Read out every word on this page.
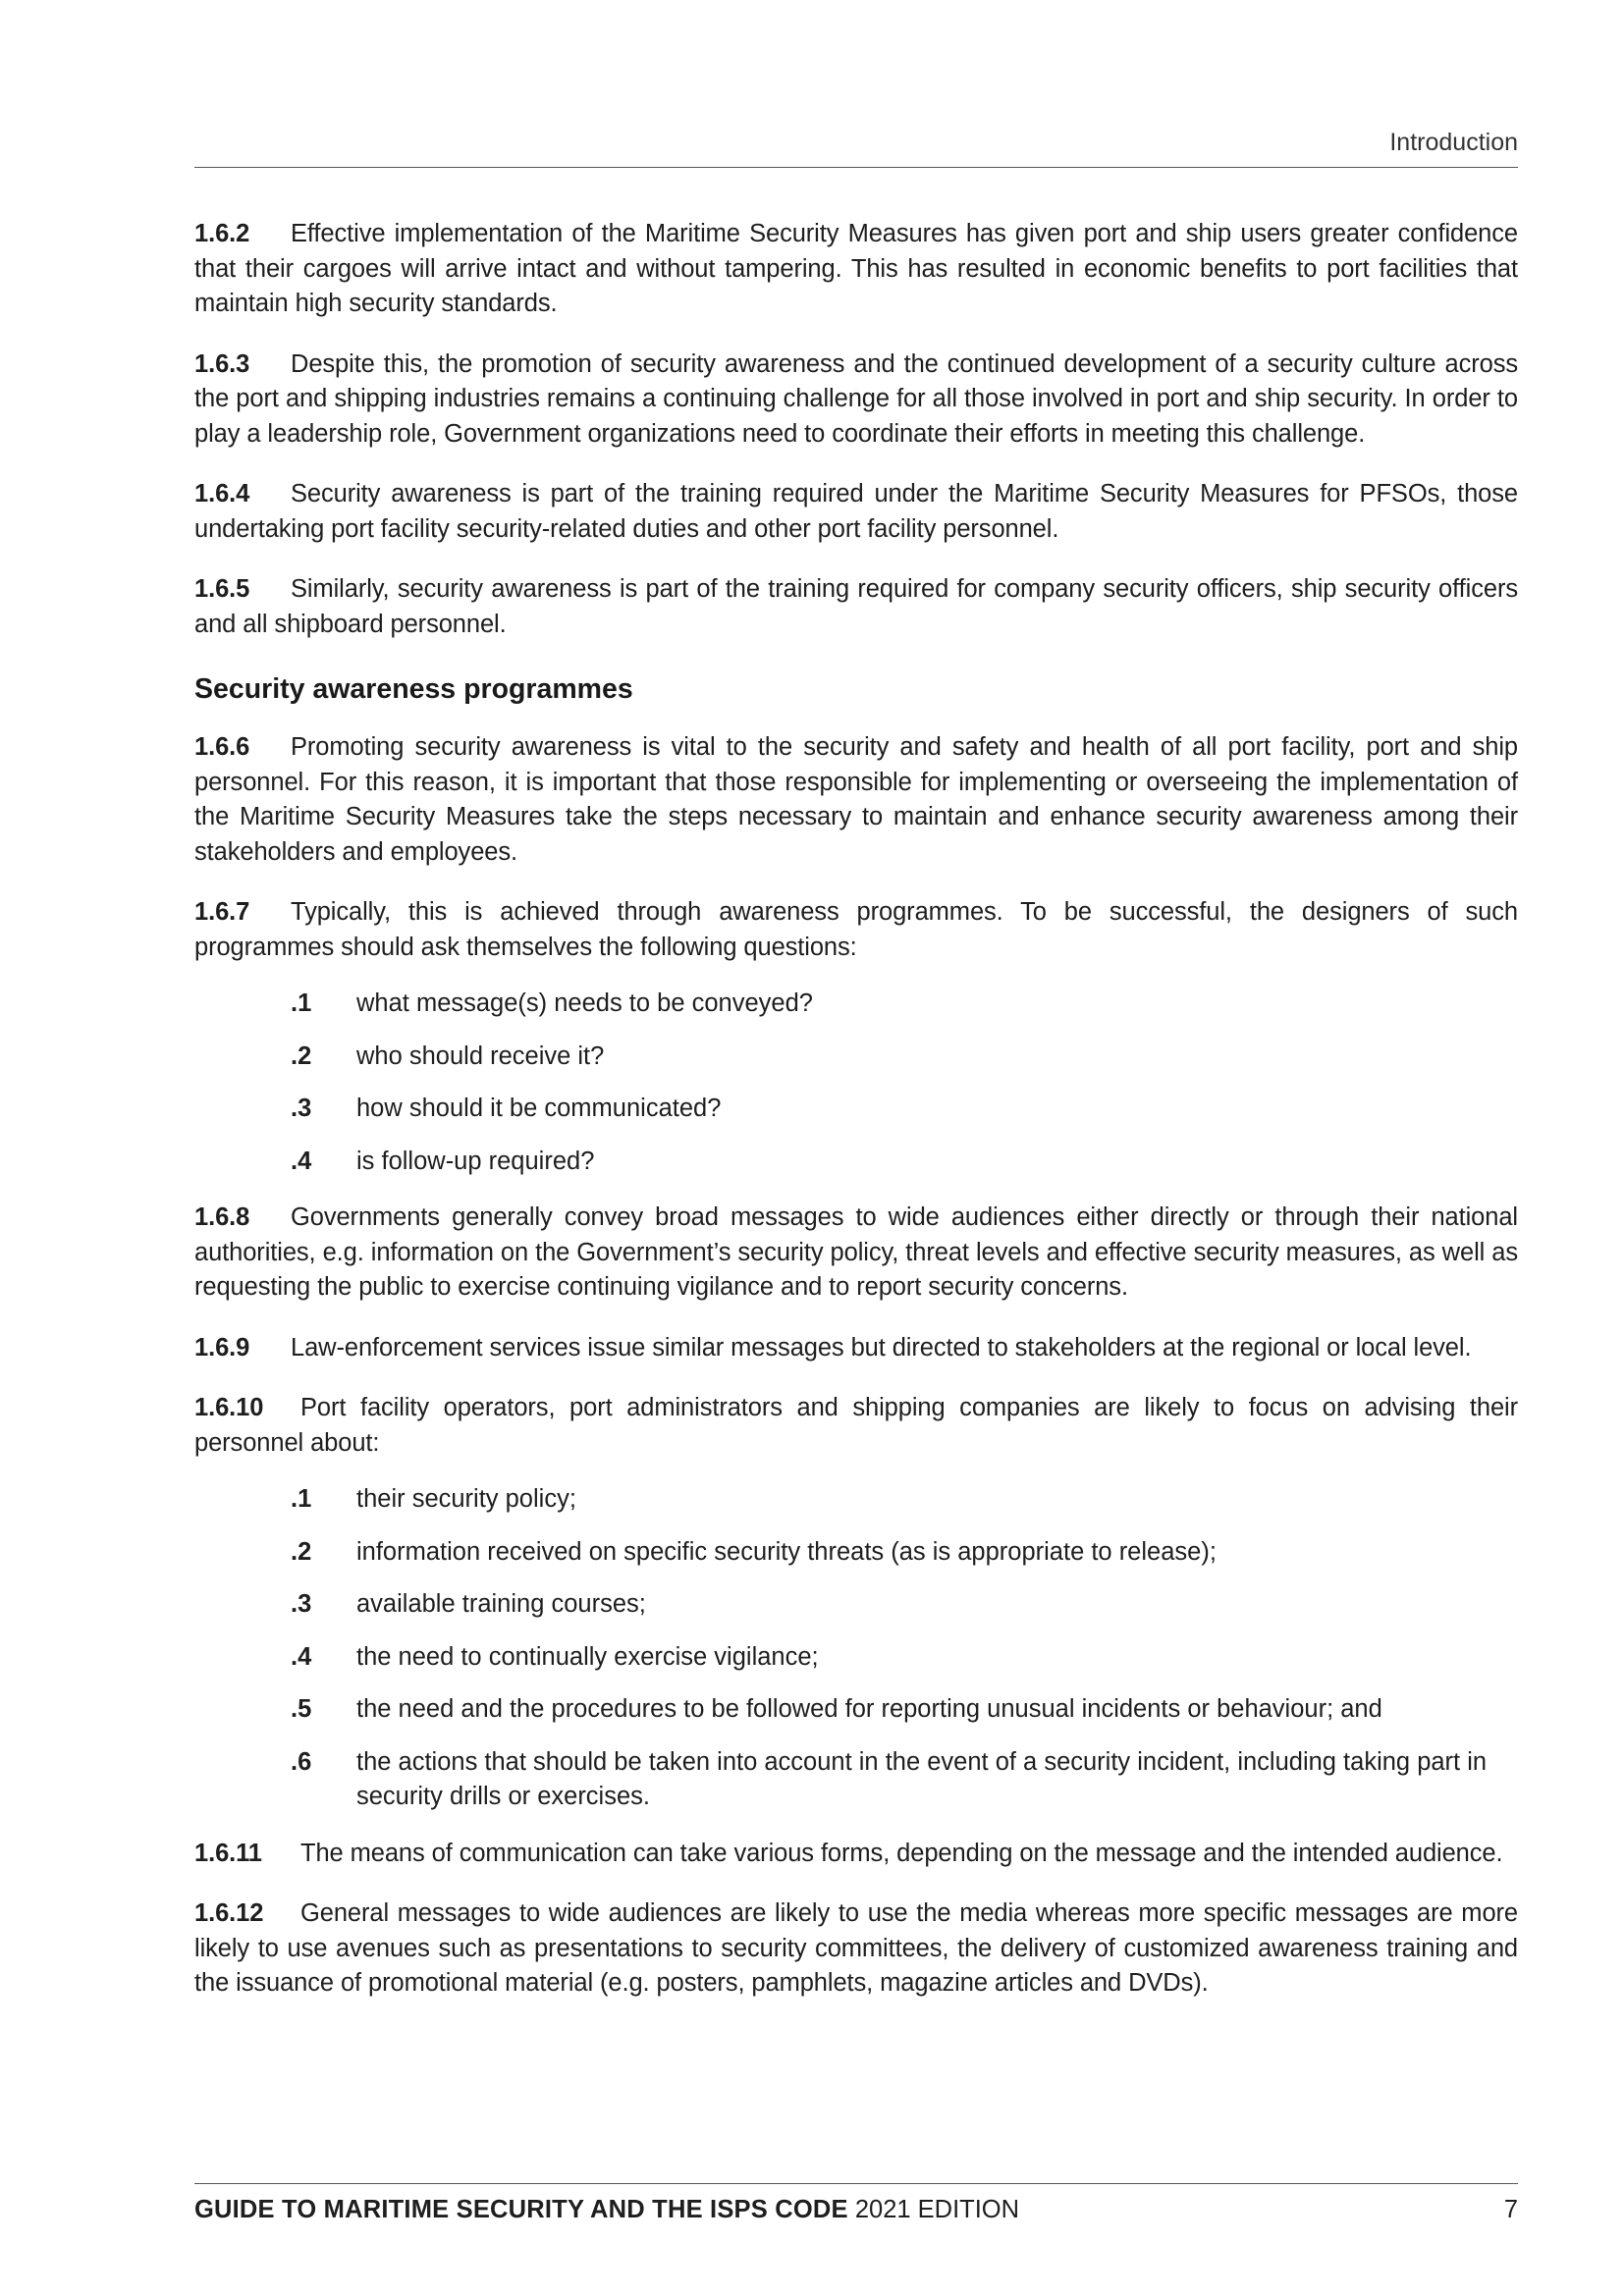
Introduction

1.6.2 Effective implementation of the Maritime Security Measures has given port and ship users greater confidence that their cargoes will arrive intact and without tampering. This has resulted in economic benefits to port facilities that maintain high security standards.

1.6.3 Despite this, the promotion of security awareness and the continued development of a security culture across the port and shipping industries remains a continuing challenge for all those involved in port and ship security. In order to play a leadership role, Government organizations need to coordinate their efforts in meeting this challenge.

1.6.4 Security awareness is part of the training required under the Maritime Security Measures for PFSOs, those undertaking port facility security-related duties and other port facility personnel.

1.6.5 Similarly, security awareness is part of the training required for company security officers, ship security officers and all shipboard personnel.

Security awareness programmes

1.6.6 Promoting security awareness is vital to the security and safety and health of all port facility, port and ship personnel. For this reason, it is important that those responsible for implementing or overseeing the implementation of the Maritime Security Measures take the steps necessary to maintain and enhance security awareness among their stakeholders and employees.

1.6.7 Typically, this is achieved through awareness programmes. To be successful, the designers of such programmes should ask themselves the following questions:

.1	what message(s) needs to be conveyed?
.2	who should receive it?
.3	how should it be communicated?
.4	is follow-up required?

1.6.8 Governments generally convey broad messages to wide audiences either directly or through their national authorities, e.g. information on the Government’s security policy, threat levels and effective security measures, as well as requesting the public to exercise continuing vigilance and to report security concerns.

1.6.9 Law-enforcement services issue similar messages but directed to stakeholders at the regional or local level.

1.6.10 Port facility operators, port administrators and shipping companies are likely to focus on advising their personnel about:

.1	their security policy;
.2	information received on specific security threats (as is appropriate to release);
.3	available training courses;
.4	the need to continually exercise vigilance;
.5	the need and the procedures to be followed for reporting unusual incidents or behaviour; and
.6	the actions that should be taken into account in the event of a security incident, including taking part in security drills or exercises.

1.6.11 The means of communication can take various forms, depending on the message and the intended audience.

1.6.12 General messages to wide audiences are likely to use the media whereas more specific messages are more likely to use avenues such as presentations to security committees, the delivery of customized awareness training and the issuance of promotional material (e.g. posters, pamphlets, magazine articles and DVDs).

GUIDE TO MARITIME SECURITY AND THE ISPS CODE 2021 EDITION	7
